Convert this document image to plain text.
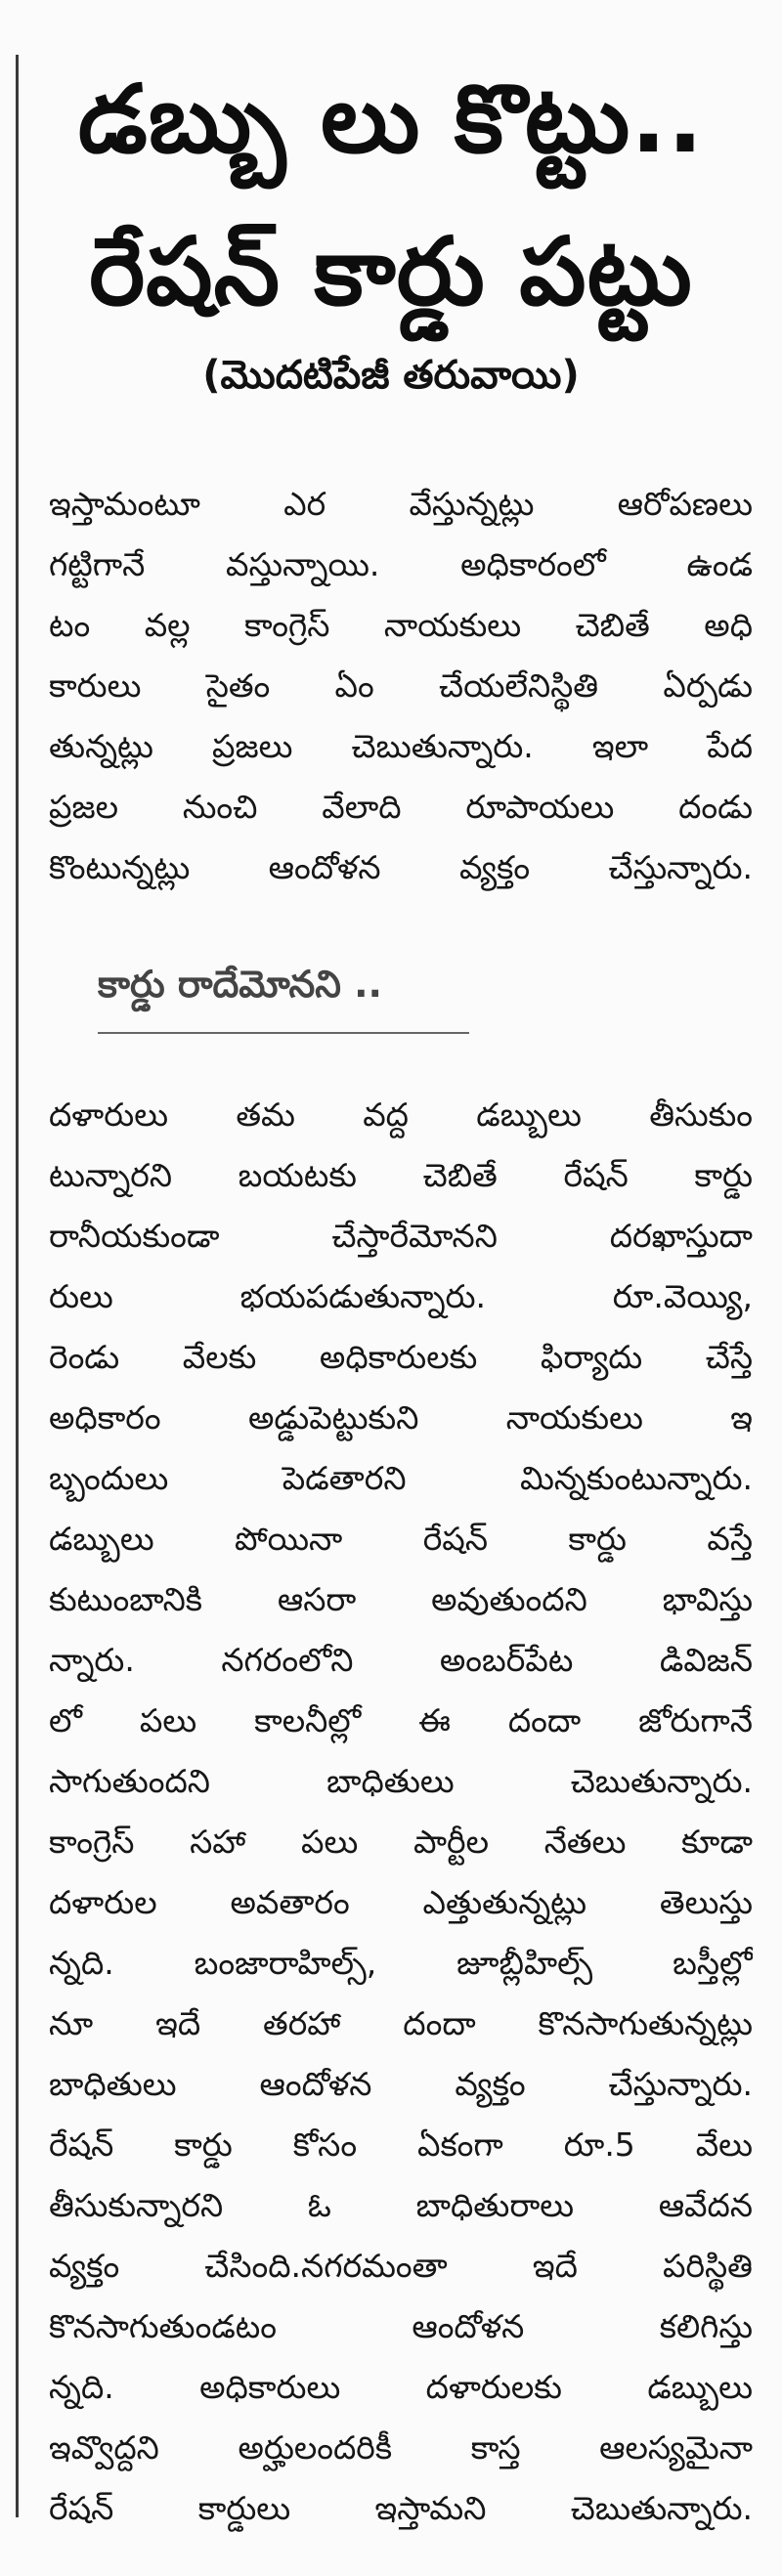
డబ్బు లు కొట్టు..
రేషన్ కార్డు పట్టు
(మొదటిపేజీ తరువాయి)
ఇస్తామంటూ ఎర వేస్తున్నట్లు ఆరోపణలు
గట్టిగానే వస్తున్నాయి. అధికారంలో ఉండ
టం వల్ల కాంగ్రెస్ నాయకులు చెబితే అధి
కారులు సైతం ఏం చేయలేనిస్థితి ఏర్పడు
తున్నట్లు ప్రజలు చెబుతున్నారు. ఇలా పేద
ప్రజల నుంచి వేలాది రూపాయలు దండు
కొంటున్నట్లు ఆందోళన వ్యక్తం చేస్తున్నారు.
కార్డు రాదేమోనని ..
దళారులు తమ వద్ద డబ్బులు తీసుకుం
టున్నారని బయటకు చెబితే రేషన్ కార్డు
రానీయకుండా చేస్తారేమోనని దరఖాస్తుదా
రులు భయపడుతున్నారు. రూ.వెయ్యి,
రెండు వేలకు అధికారులకు ఫిర్యాదు చేస్తే
అధికారం అడ్డుపెట్టుకుని నాయకులు ఇ
బ్బందులు పెడతారని మిన్నకుంటున్నారు.
డబ్బులు పోయినా రేషన్ కార్డు వస్తే
కుటుంబానికి ఆసరా అవుతుందని భావిస్తు
న్నారు. నగరంలోని అంబర్‌పేట డివిజన్
లో పలు కాలనీల్లో ఈ దందా జోరుగానే
సాగుతుందని బాధితులు చెబుతున్నారు.
కాంగ్రెస్ సహా పలు పార్టీల నేతలు కూడా
దళారుల అవతారం ఎత్తుతున్నట్లు తెలుస్తు
న్నది. బంజారాహిల్స్, జూబ్లీహిల్స్ బస్తీల్లో
నూ ఇదే తరహా దందా కొనసాగుతున్నట్లు
బాధితులు ఆందోళన వ్యక్తం చేస్తున్నారు.
రేషన్ కార్డు కోసం ఏకంగా రూ.5 వేలు
తీసుకున్నారని ఓ బాధితురాలు ఆవేదన
వ్యక్తం చేసింది.నగరమంతా ఇదే పరిస్థితి
కొనసాగుతుండటం ఆందోళన కలిగిస్తు
న్నది. అధికారులు దళారులకు డబ్బులు
ఇవ్వొద్దని అర్హులందరికీ కాస్త ఆలస్యమైనా
రేషన్ కార్డులు ఇస్తామని చెబుతున్నారు.
